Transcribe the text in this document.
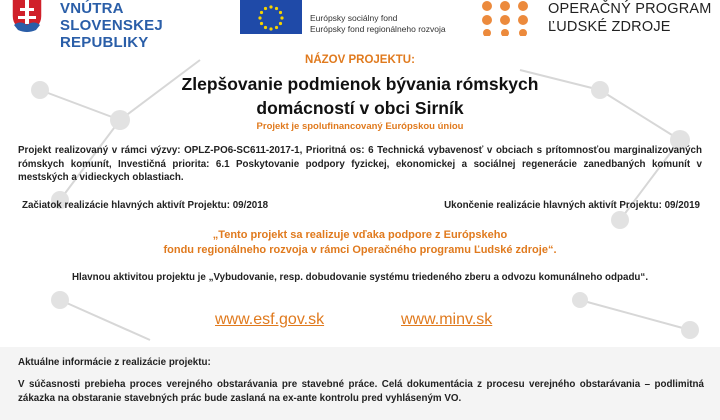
VNÚTRA
SLOVENSKEJ REPUBLIKY
Európsky sociálny fond
Európsky fond regionálneho rozvoja
OPERAČNÝ PROGRAM
ĽUDSKÉ ZDROJE
NÁZOV PROJEKTU:
Zlepšovanie podmienok bývania rómskych
domácností v obci Sirník
Projekt je spolufinancovaný Európskou úniou
Projekt realizovaný v rámci výzvy: OPLZ-PO6-SC611-2017-1, Prioritná os: 6 Technická vybavenosť v obciach s prítomnosťou marginalizovaných rómskych komunít, Investičná priorita: 6.1 Poskytovanie podpory fyzickej, ekonomickej a sociálnej regenerácie zanedbaných komunít v mestských a vidieckych oblastiach.
Začiatok realizácie hlavných aktivít Projektu: 09/2018	Ukončenie realizácie hlavných aktivít Projektu: 09/2019
„Tento projekt sa realizuje vďaka podpore z Európskeho
fondu regionálneho rozvoja v rámci Operačného programu Ľudské zdroje“.
Hlavnou aktivitou projektu je „Vybudovanie, resp. dobudovanie systému triedeného zberu a odvozu komunálneho odpadu“.
www.esf.gov.sk	www.minv.sk
Aktuálne informácie z realizácie projektu:
V súčasnosti prebieha proces verejného obstarávania pre stavebné práce. Celá dokumentácia z procesu verejného obstarávania – podlimitná zákazka na obstaranie stavebných prác bude zaslaná na ex-ante kontrolu pred vyhláseným VO.
